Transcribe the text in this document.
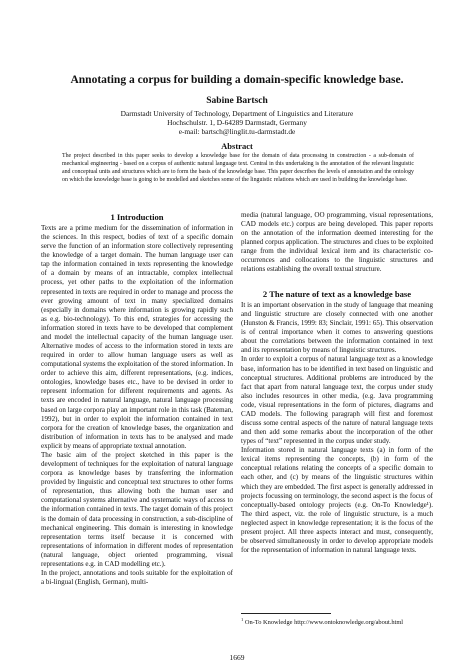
Annotating a corpus for building a domain-specific knowledge base.
Sabine Bartsch
Darmstadt University of Technology, Department of Linguistics and Literature
Hochschulstr. 1, D-64289 Darmstadt, Germany
e-mail: bartsch@linglit.tu-darmstadt.de
Abstract
The project described in this paper seeks to develop a knowledge base for the domain of data processing in construction - a sub-domain of mechanical engineering - based on a corpus of authentic natural language text. Central in this undertaking is the annotation of the relevant linguistic and conceptual units and structures which are to form the basis of the knowledge base. This paper describes the levels of annotation and the ontology on which the knowledge base is going to be modelled and sketches some of the linguistic relations which are used in building the knowledge base.
1 Introduction

Texts are a prime medium for the dissemination of information in the sciences. In this respect, bodies of text of a specific domain serve the function of an information store collectively representing the knowledge of a target domain. The human language user can tap the information contained in texts representing the knowledge of a domain by means of an intractable, complex intellectual process, yet other paths to the exploitation of the information represented in texts are required in order to manage and process the ever growing amount of text in many specialized domains (especially in domains where information is growing rapidly such as e.g. bio-technology). To this end, strategies for accessing the information stored in texts have to be developed that complement and model the intellectual capacity of the human language user. Alternative modes of access to the information stored in texts are required in order to allow human language users as well as computational systems the exploitation of the stored information. In order to achieve this aim, different representations, (e.g. indices, ontologies, knowledge bases etc., have to be devised in order to represent information for different requirements and agents. As texts are encoded in natural language, natural language processing based on large corpora play an important role in this task (Bateman, 1992), but in order to exploit the information contained in text corpora for the creation of knowledge bases, the organization and distribution of information in texts has to be analysed and made explicit by means of appropriate textual annotation.

The basic aim of the project sketched in this paper is the development of techniques for the exploitation of natural language corpora as knowledge bases by transferring the information provided by linguistic and conceptual text structures to other forms of representation, thus allowing both the human user and computational systems alternative and systematic ways of access to the information contained in texts. The target domain of this project is the domain of data processing in construction, a sub-discipline of mechanical engineering. This domain is interesting in knowledge representation terms itself because it is concerned with representations of information in different modes of representation (natural language, object oriented programming, visual representations e.g. in CAD modelling etc.).

In the project, annotations and tools suitable for the exploitation of a bi-lingual (English, German), multi-

media (natural language, OO programming, visual representations, CAD models etc.) corpus are being developed. This paper reports on the annotation of the information deemed interesting for the planned corpus application. The structures and clues to be exploited range from the individual lexical item and its characteristic co-occurrences and collocations to the linguistic structures and relations establishing the overall textual structure.

2 The nature of text as a knowledge base

It is an important observation in the study of language that meaning and linguistic structure are closely connected with one another (Hunston & Francis, 1999: 83; Sinclair, 1991: 65). This observation is of central importance when it comes to answering questions about the correlations between the information contained in text and its representation by means of linguistic structures.

In order to exploit a corpus of natural language text as a knowledge base, information has to be identified in text based on linguistic and conceptual structures. Additional problems are introduced by the fact that apart from natural language text, the corpus under study also includes resources in other media, (e.g. Java programming code, visual representations in the form of pictures, diagrams and CAD models. The following paragraph will first and foremost discuss some central aspects of the nature of natural language texts and then add some remarks about the incorporation of the other types of “text” represented in the corpus under study.

Information stored in natural language texts (a) in form of the lexical items representing the concepts, (b) in form of the conceptual relations relating the concepts of a specific domain to each other, and (c) by means of the linguistic structures within which they are embedded. The first aspect is generally addressed in projects focussing on terminology, the second aspect is the focus of conceptually-based ontology projects (e.g. On-To Knowledge¹). The third aspect, viz. the role of linguistic structure, is a much neglected aspect in knowledge representation; it is the focus of the present project. All three aspects interact and must, consequently, be observed simultaneously in order to develop appropriate models for the representation of information in natural language texts.

$^1$ On-To Knowledge http://www.ontoknowledge.org/about.html
1669
